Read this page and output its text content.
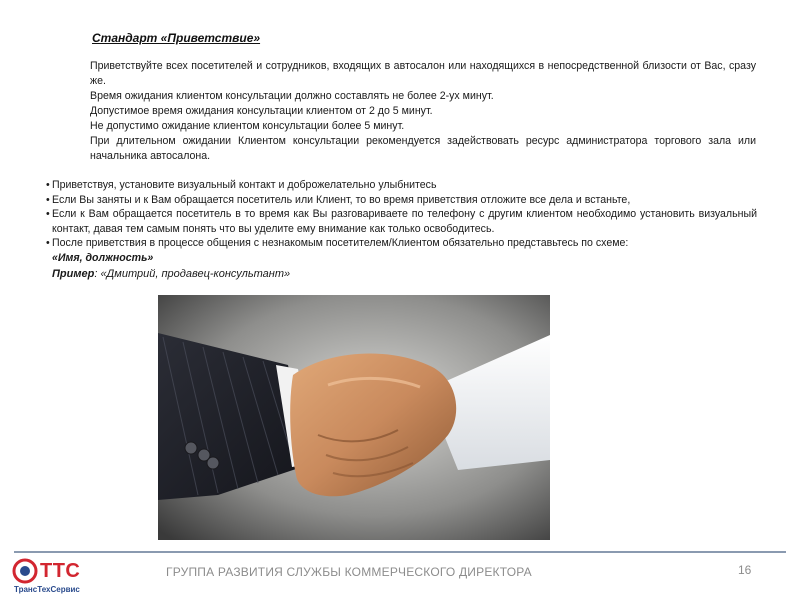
Стандарт «Приветствие»

Приветствуйте всех посетителей и сотрудников, входящих в автосалон или находящихся в непосредственной близости от Вас, сразу же.

Время ожидания клиентом консультации должно составлять не более 2-ух минут.

Допустимое время ожидания консультации клиентом от 2 до 5 минут.

Не допустимо ожидание клиентом консультации более 5 минут.

При длительном ожидании Клиентом консультации рекомендуется задействовать ресурс администратора торгового зала или начальника автосалона.

• Приветствуя, установите визуальный контакт и доброжелательно улыбнитесь
• Если Вы заняты и к Вам обращается посетитель или Клиент, то во время приветствия отложите все дела и встаньте,
• Если к Вам обращается посетитель в то время как Вы разговариваете по телефону с другим клиентом необходимо установить визуальный контакт, давая тем самым понять что вы уделите ему внимание как только освободитесь.
• После приветствия в процессе общения с незнакомым посетителем/Клиентом обязательно представьтесь по схеме:
«Имя, должность»
Пример: «Дмитрий, продавец-консультант»
ТТС
ТрансТехСервис
ГРУППА РАЗВИТИЯ СЛУЖБЫ КОММЕРЧЕСКОГО ДИРЕКТОРА	16
